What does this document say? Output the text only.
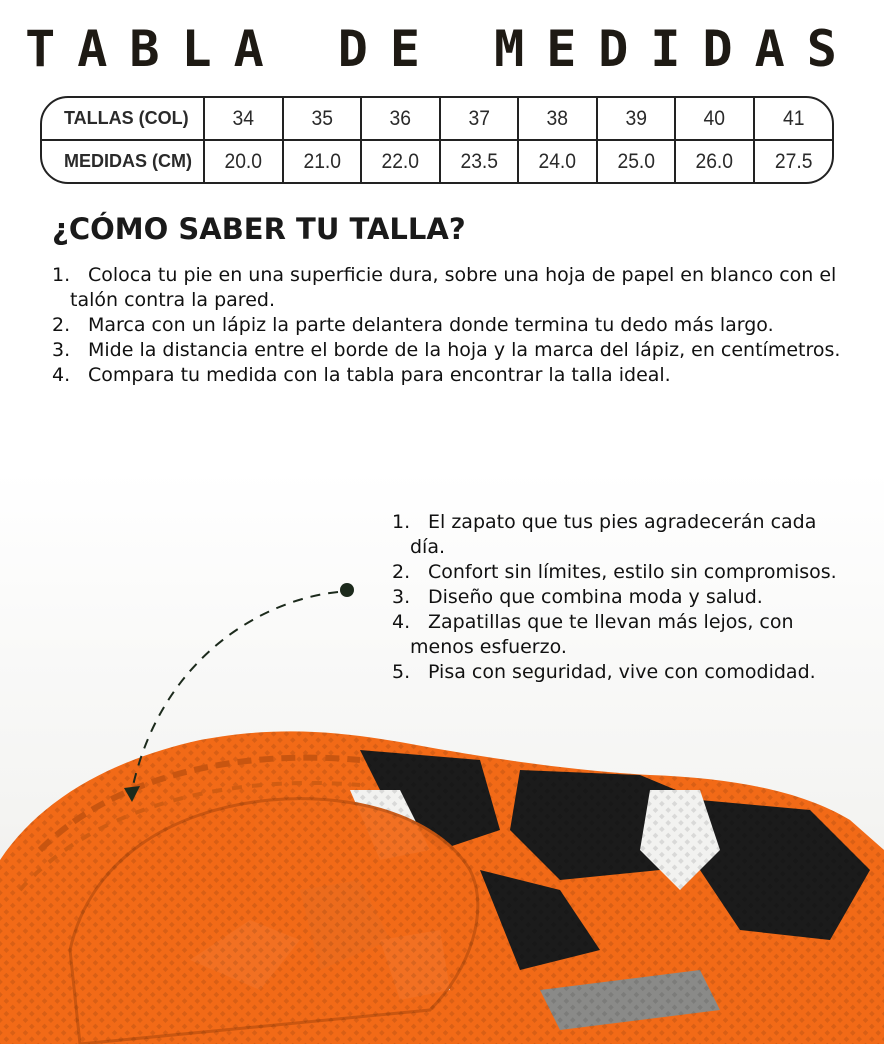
TABLA DE MEDIDAS
TALLAS (COL)	34	35	36	37	38	39	40	41
MEDIDAS (CM)	20.0	21.0	22.0	23.5	24.0	25.0	26.0	27.5
¿CÓMO SABER TU TALLA?
1. Coloca tu pie en una superficie dura, sobre una hoja de papel en blanco con el talón contra la pared.
2. Marca con un lápiz la parte delantera donde termina tu dedo más largo.
3. Mide la distancia entre el borde de la hoja y la marca del lápiz, en centímetros.
4. Compara tu medida con la tabla para encontrar la talla ideal.
1. El zapato que tus pies agradecerán cada día.
2. Confort sin límites, estilo sin compromisos.
3. Diseño que combina moda y salud.
4. Zapatillas que te llevan más lejos, con menos esfuerzo.
5. Pisa con seguridad, vive con comodidad.
